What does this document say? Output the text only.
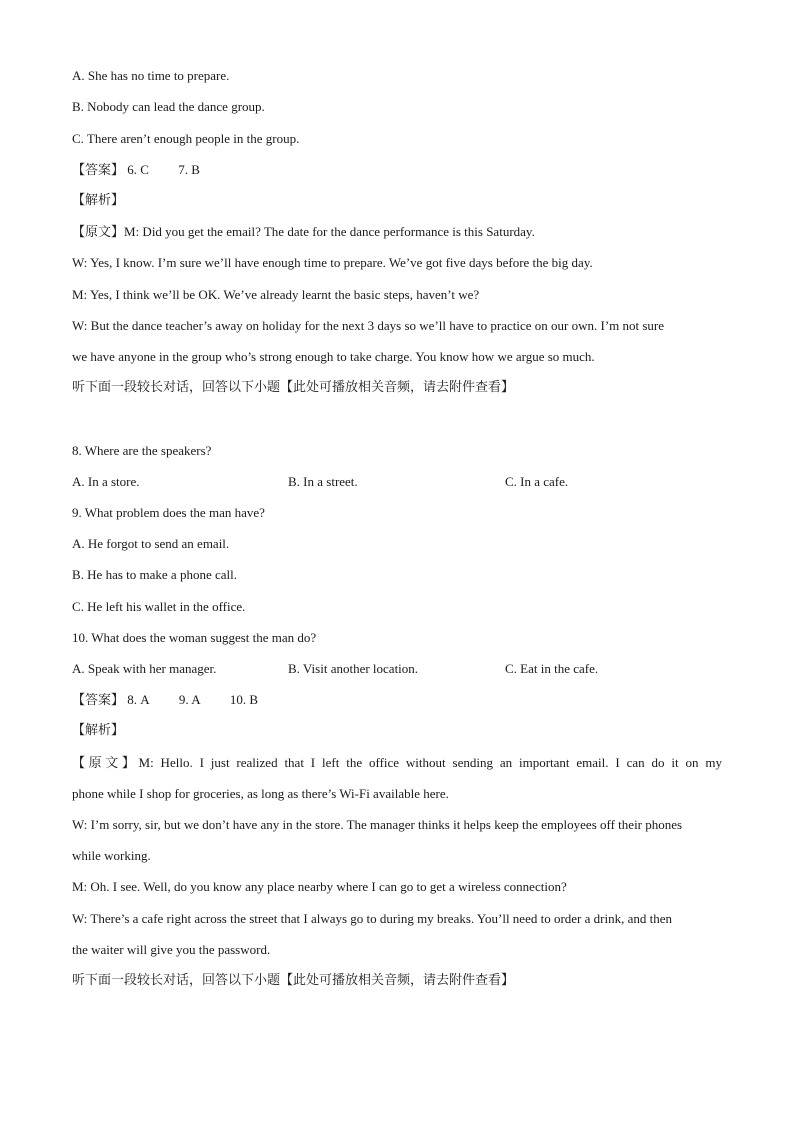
A. She has no time to prepare.
B. Nobody can lead the dance group.
C. There aren’t enough people in the group.
【答案】 6. C 7. B
【解析】
【原文】M: Did you get the email? The date for the dance performance is this Saturday.
W: Yes, I know. I’m sure we’ll have enough time to prepare. We’ve got five days before the big day.
M: Yes, I think we’ll be OK. We’ve already learnt the basic steps, haven’t we?
W: But the dance teacher’s away on holiday for the next 3 days so we’ll have to practice on our own. I’m not sure
we have anyone in the group who’s strong enough to take charge. You know how we argue so much.
听下面一段较长对话，回答以下小题【此处可播放相关音频，请去附件查看】
8. Where are the speakers?
A. In a store.	B. In a street.	C. In a cafe.
9. What problem does the man have?
A. He forgot to send an email.
B. He has to make a phone call.
C. He left his wallet in the office.
10. What does the woman suggest the man do?
A. Speak with her manager.	B. Visit another location.	C. Eat in the cafe.
【答案】 8. A 9. A 10. B
【解析】
【原文】M: Hello. I just realized that I left the office without sending an important email. I can do it on my
phone while I shop for groceries, as long as there’s Wi-Fi available here.
W: I’m sorry, sir, but we don’t have any in the store. The manager thinks it helps keep the employees off their phones
while working.
M: Oh. I see. Well, do you know any place nearby where I can go to get a wireless connection?
W: There’s a cafe right across the street that I always go to during my breaks. You’ll need to order a drink, and then
the waiter will give you the password.
听下面一段较长对话，回答以下小题【此处可播放相关音频，请去附件查看】
